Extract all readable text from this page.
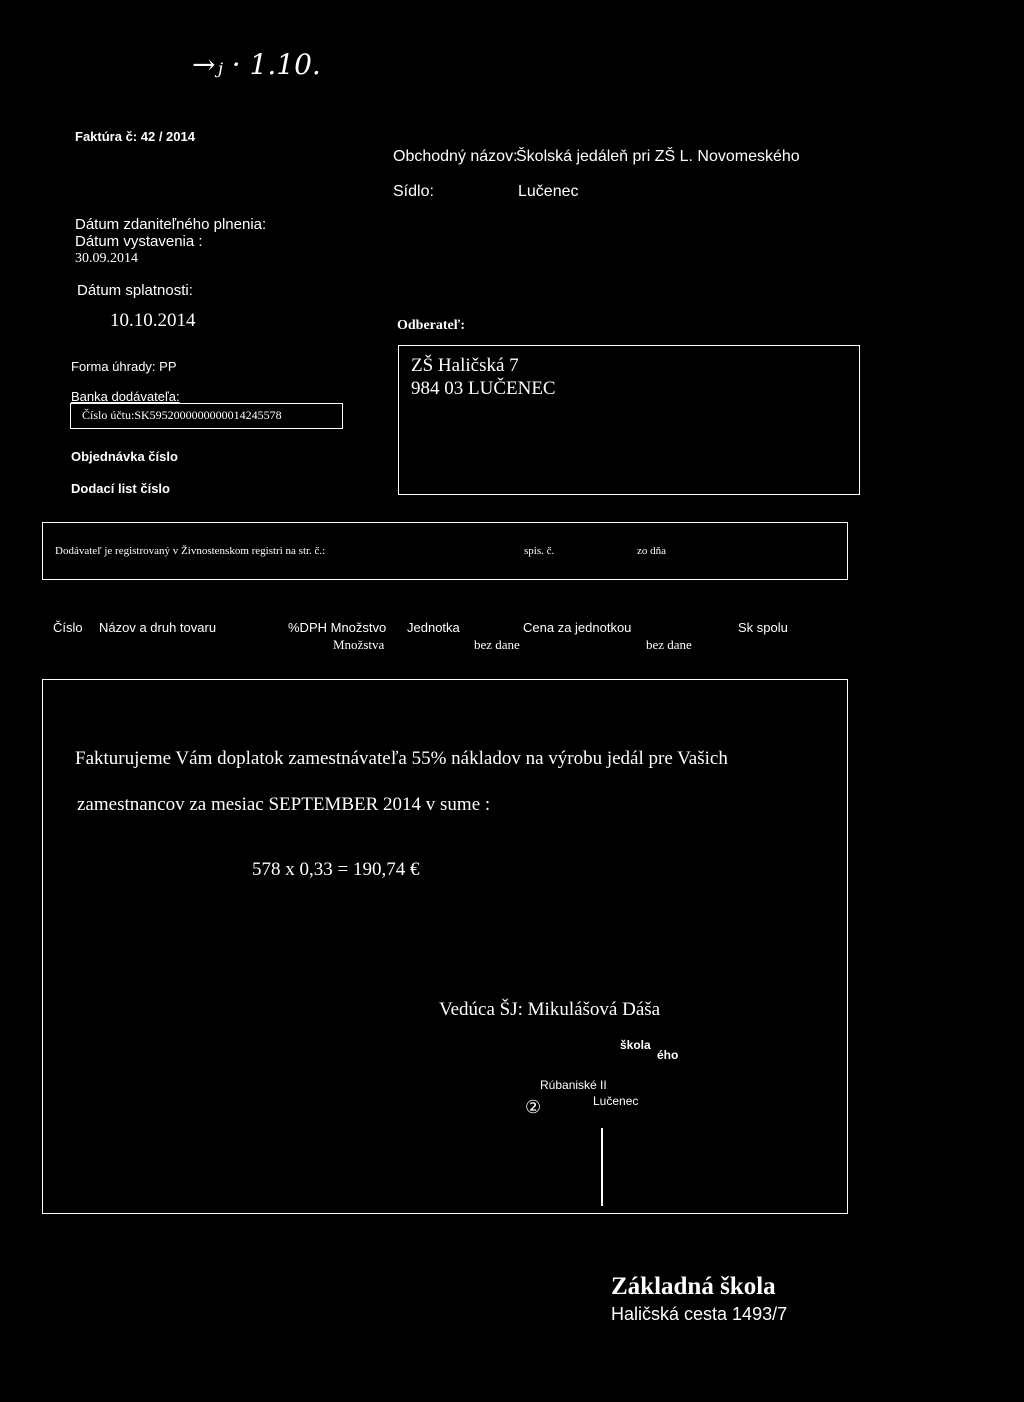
→ⱼ · 1.10.
Faktúra č: 42 / 2014
Obchodný názov:
Školská jedáleň pri ZŠ L. Novomeského
Sídlo:	Lučenec
Dátum zdaniteľného plnenia:
Dátum vystavenia :
30.09.2014
Dátum splatnosti:
10.10.2014	Odberateľ:
ZŠ Haličská 7
984 03 LUČENEC
Forma úhrady: PP
Banka dodávateľa:
Číslo účtu:SK5952000000000014245578
Objednávka číslo
Dodací list číslo
Dodávateľ je registrovaný v Živnostenskom registri na str. č.:	spis. č.	zo dňa
Číslo Názov a druh tovaru	%DPH Množstvo Jednotka	Cena za jednotkou	Sk spolu
Množstva	bez dane	bez dane
Fakturujeme Vám doplatok zamestnávateľa 55% nákladov na výrobu jedál pre Vašich
zamestnancov za mesiac SEPTEMBER 2014 v sume :
578 x 0,33 = 190,74 €
Vedúca ŠJ: Mikulášová Dáša
škola
ého
Rúbaniské II
Lučenec
②
Základná škola
Haličská cesta 1493/7
